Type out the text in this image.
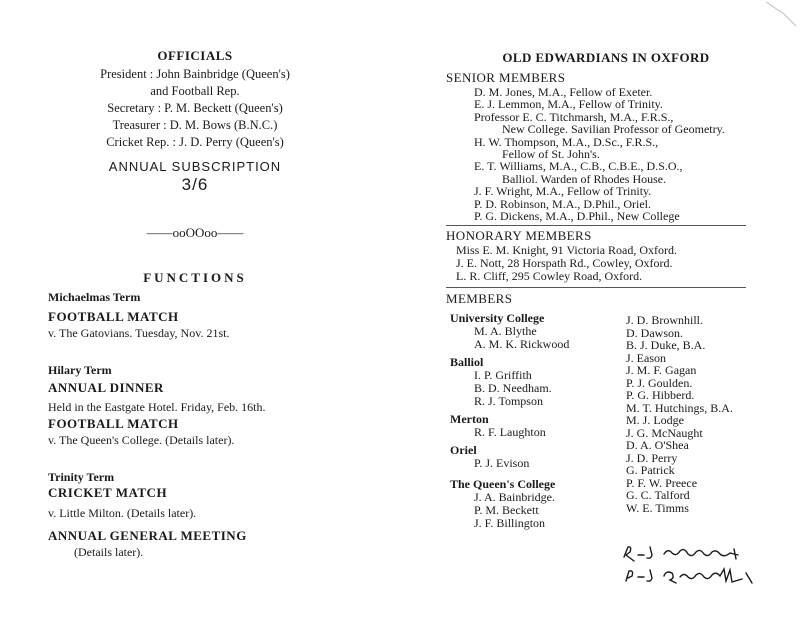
OFFICIALS
President : John Bainbridge (Queen's)
and Football Rep.
Secretary : P. M. Beckett (Queen's)
Treasurer : D. M. Bows (B.N.C.)
Cricket Rep. : J. D. Perry (Queen's)
ANNUAL SUBSCRIPTION
3/6
——ooOOoo——
FUNCTIONS
Michaelmas Term
FOOTBALL MATCH
v. The Gatovians. Tuesday, Nov. 21st.
Hilary Term
ANNUAL DINNER
Held in the Eastgate Hotel. Friday, Feb. 16th.
FOOTBALL MATCH
v. The Queen's College. (Details later).
Trinity Term
CRICKET MATCH
v. Little Milton. (Details later).
ANNUAL GENERAL MEETING
(Details later).
OLD EDWARDIANS IN OXFORD
SENIOR MEMBERS
D. M. Jones, M.A., Fellow of Exeter.
E. J. Lemmon, M.A., Fellow of Trinity.
Professor E. C. Titchmarsh, M.A., F.R.S.,
New College. Savilian Professor of Geometry.
H. W. Thompson, M.A., D.Sc., F.R.S.,
Fellow of St. John's.
E. T. Williams, M.A., C.B., C.B.E., D.S.O.,
Balliol. Warden of Rhodes House.
J. F. Wright, M.A., Fellow of Trinity.
P. D. Robinson, M.A., D.Phil., Oriel.
P. G. Dickens, M.A., D.Phil., New College
HONORARY MEMBERS
Miss E. M. Knight, 91 Victoria Road, Oxford.
J. E. Nott, 28 Horspath Rd., Cowley, Oxford.
L. R. Cliff, 295 Cowley Road, Oxford.
MEMBERS
University College
M. A. Blythe
A. M. K. Rickwood
Balliol
I. P. Griffith
B. D. Needham.
R. J. Tompson
Merton
R. F. Laughton
Oriel
P. J. Evison
The Queen's College
J. A. Bainbridge.
P. M. Beckett
J. F. Billington
J. D. Brownhill.
D. Dawson.
B. J. Duke, B.A.
J. Eason
J. M. F. Gagan
P. J. Goulden.
P. G. Hibberd.
M. T. Hutchings, B.A.
M. J. Lodge
J. G. McNaught
D. A. O'Shea
J. D. Perry
G. Patrick
P. F. W. Preece
G. C. Talford
W. E. Timms
